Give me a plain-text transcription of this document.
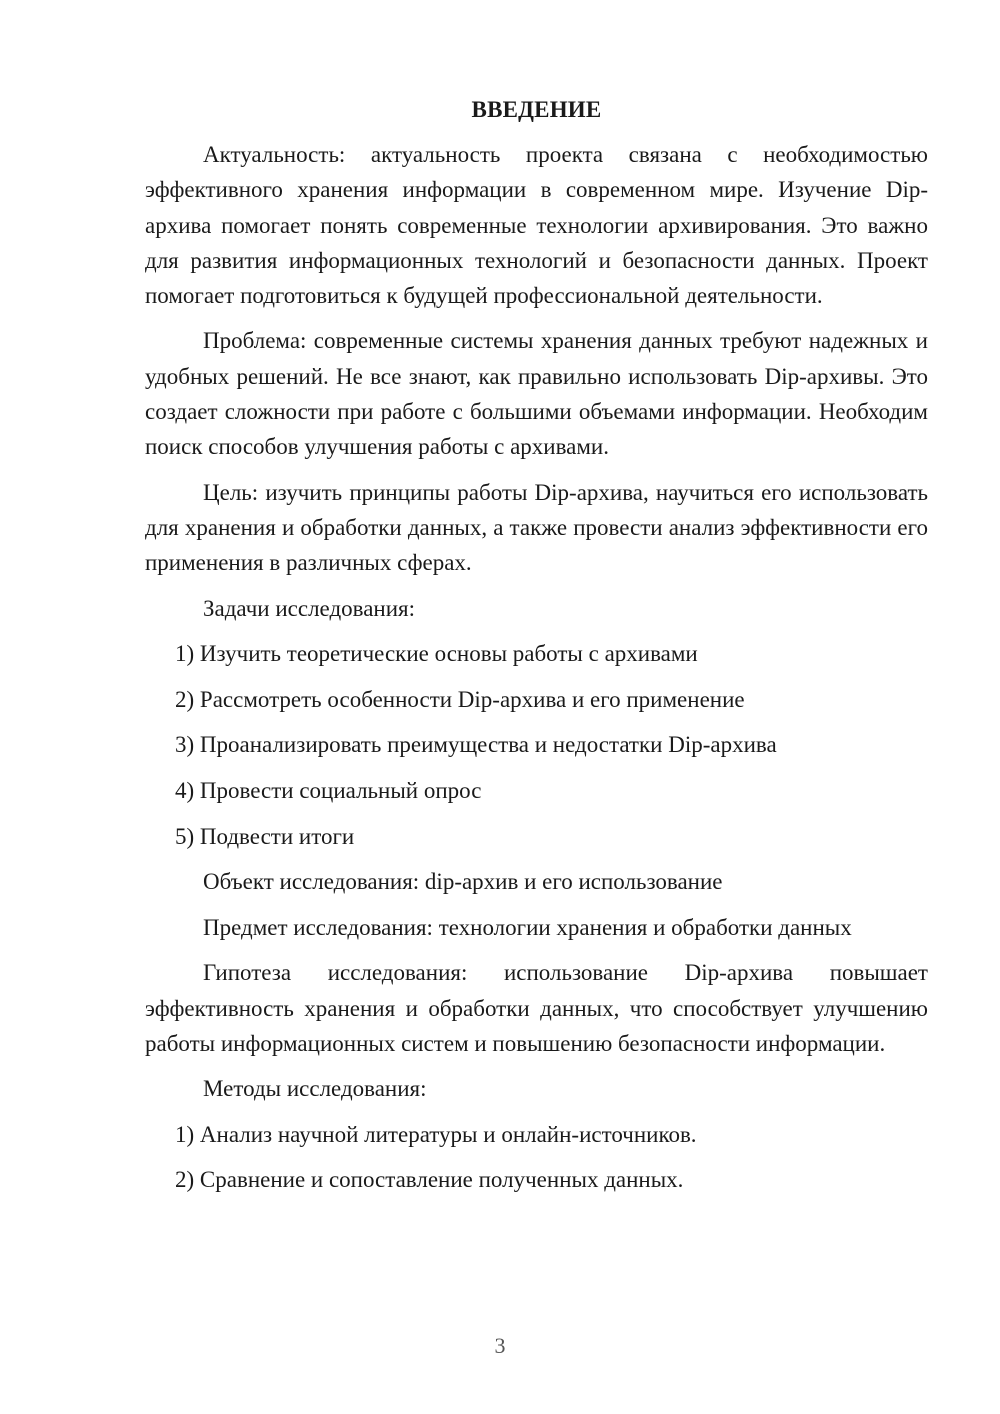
ВВЕДЕНИЕ

Актуальность: актуальность проекта связана с необходимостью эффективного хранения информации в современном мире. Изучение Dip-архива помогает понять современные технологии архивирования. Это важно для развития информационных технологий и безопасности данных. Проект помогает подготовиться к будущей профессиональной деятельности.

Проблема: современные системы хранения данных требуют надежных и удобных решений. Не все знают, как правильно использовать Dip-архивы. Это создает сложности при работе с большими объемами информации. Необходим поиск способов улучшения работы с архивами.

Цель: изучить принципы работы Dip-архива, научиться его использовать для хранения и обработки данных, а также провести анализ эффективности его применения в различных сферах.

Задачи исследования:

1) Изучить теоретические основы работы с архивами
2) Рассмотреть особенности Dip-архива и его применение
3) Проанализировать преимущества и недостатки Dip-архива
4) Провести социальный опрос
5) Подвести итоги

Объект исследования: dip-архив и его использование

Предмет исследования: технологии хранения и обработки данных

Гипотеза исследования: использование Dip-архива повышает эффективность хранения и обработки данных, что способствует улучшению работы информационных систем и повышению безопасности информации.

Методы исследования:

1) Анализ научной литературы и онлайн-источников.
2) Сравнение и сопоставление полученных данных.
3
